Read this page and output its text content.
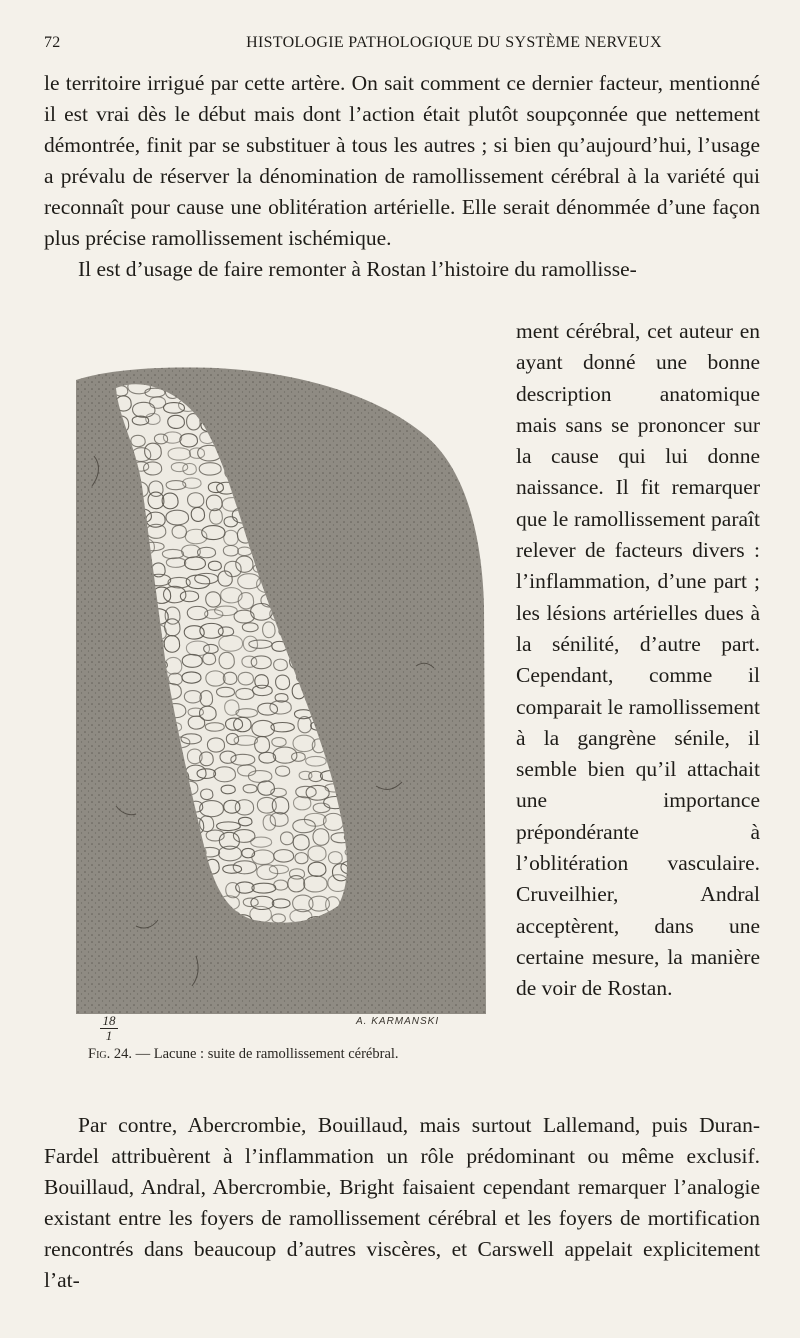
72	HISTOLOGIE PATHOLOGIQUE DU SYSTÈME NERVEUX

le territoire irrigué par cette artère. On sait comment ce dernier facteur, mentionné il est vrai dès le début mais dont l’action était plutôt soupçonnée que nettement démontrée, finit par se substituer à tous les autres ; si bien qu’aujourd’hui, l’usage a prévalu de réserver la dénomination de ramollissement cérébral à la variété qui reconnaît pour cause une oblitération artérielle. Elle serait dénommée d’une façon plus précise ramollissement ischémique.

Il est d’usage de faire remonter à Rostan l’histoire du ramollisse-

ment cérébral, cet auteur en ayant donné une bonne description anatomique mais sans se prononcer sur la cause qui lui donne naissance. Il fit remarquer que le ramollissement paraît relever de facteurs divers : l’inflammation, d’une part ; les lésions artérielles dues à la sénilité, d’autre part. Cependant, comme il comparait le ramollissement à la gangrène sénile, il semble bien qu’il attachait une importance prépondérante à l’oblitération vasculaire. Cruveilhier, Andral acceptèrent, dans une certaine mesure, la manière de voir de Rostan.

18
1
A. KARMANSKI
Fig. 24. — Lacune : suite de ramollissement cérébral.

Par contre, Abercrombie, Bouillaud, mais surtout Lallemand, puis Duran-Fardel attribuèrent à l’inflammation un rôle prédominant ou même exclusif. Bouillaud, Andral, Abercrombie, Bright faisaient cependant remarquer l’analogie existant entre les foyers de ramollissement cérébral et les foyers de mortification rencontrés dans beaucoup d’autres viscères, et Carswell appelait explicitement l’at-
